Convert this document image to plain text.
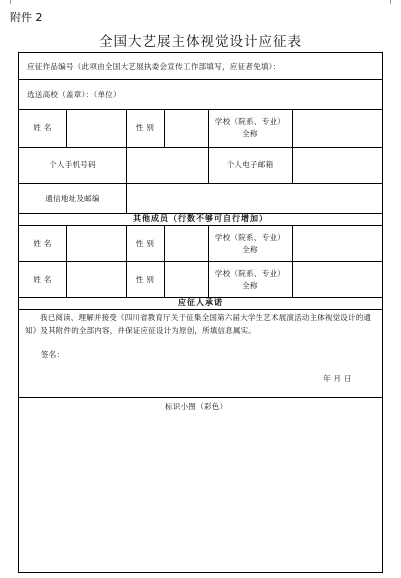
附件 2
全国大艺展主体视觉设计应征表
应征作品编号（此项由全国大艺展执委会宣传工作部填写，应征者免填）：
选送高校（盖章）：（单位）
姓 名	性 别
学校（院系、专业）
全称
个人手机号码	个人电子邮箱
通信地址及邮编
其他成员（行数不够可自行增加）
姓 名	性 别
学校（院系、专业）
全称
姓 名	性 别
学校（院系、专业）
全称
应征人承诺
我已阅读、理解并接受《四川省教育厅关于征集全国第六届大学生艺术展演活动主体视觉设计的通知》及其附件的全部内容，并保证应征设计为原创，所填信息属实。
签名：
年 月 日
标识小图（彩色）
